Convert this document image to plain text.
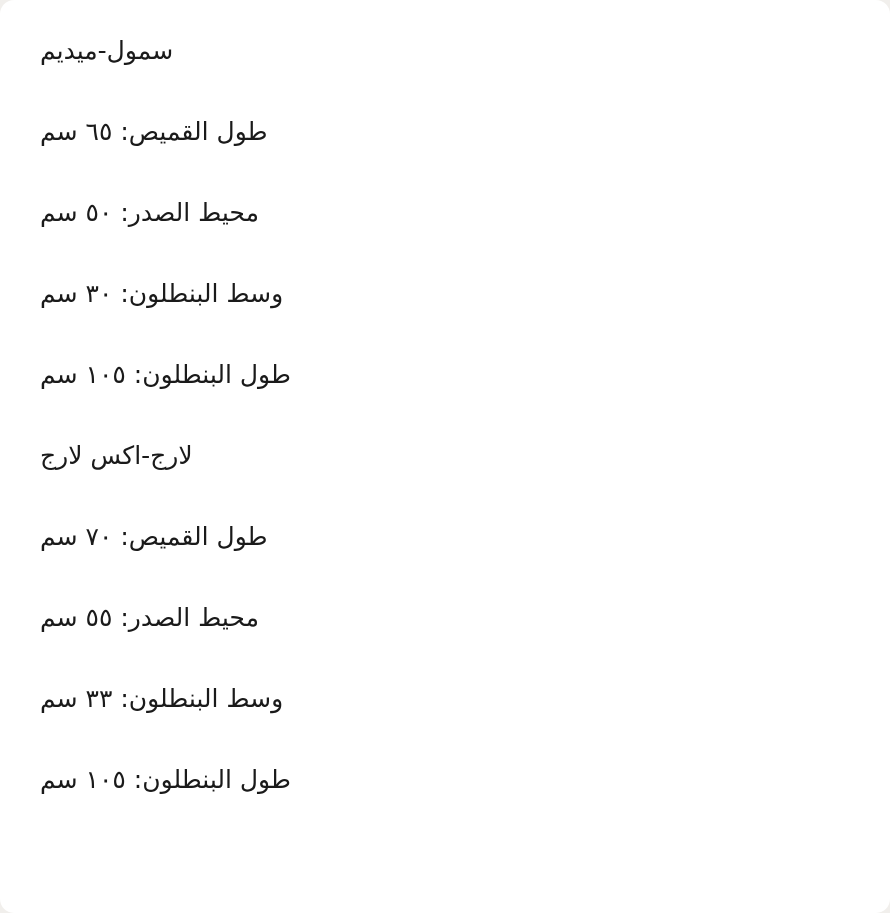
سمول-ميديم
طول القميص: ٦٥ سم
محيط الصدر: ٥٠ سم
وسط البنطلون: ٣٠ سم
طول البنطلون: ١٠٥ سم
لارج-اكس لارج
طول القميص: ٧٠ سم
محيط الصدر: ٥٥ سم
وسط البنطلون: ٣٣ سم
طول البنطلون: ١٠٥ سم
